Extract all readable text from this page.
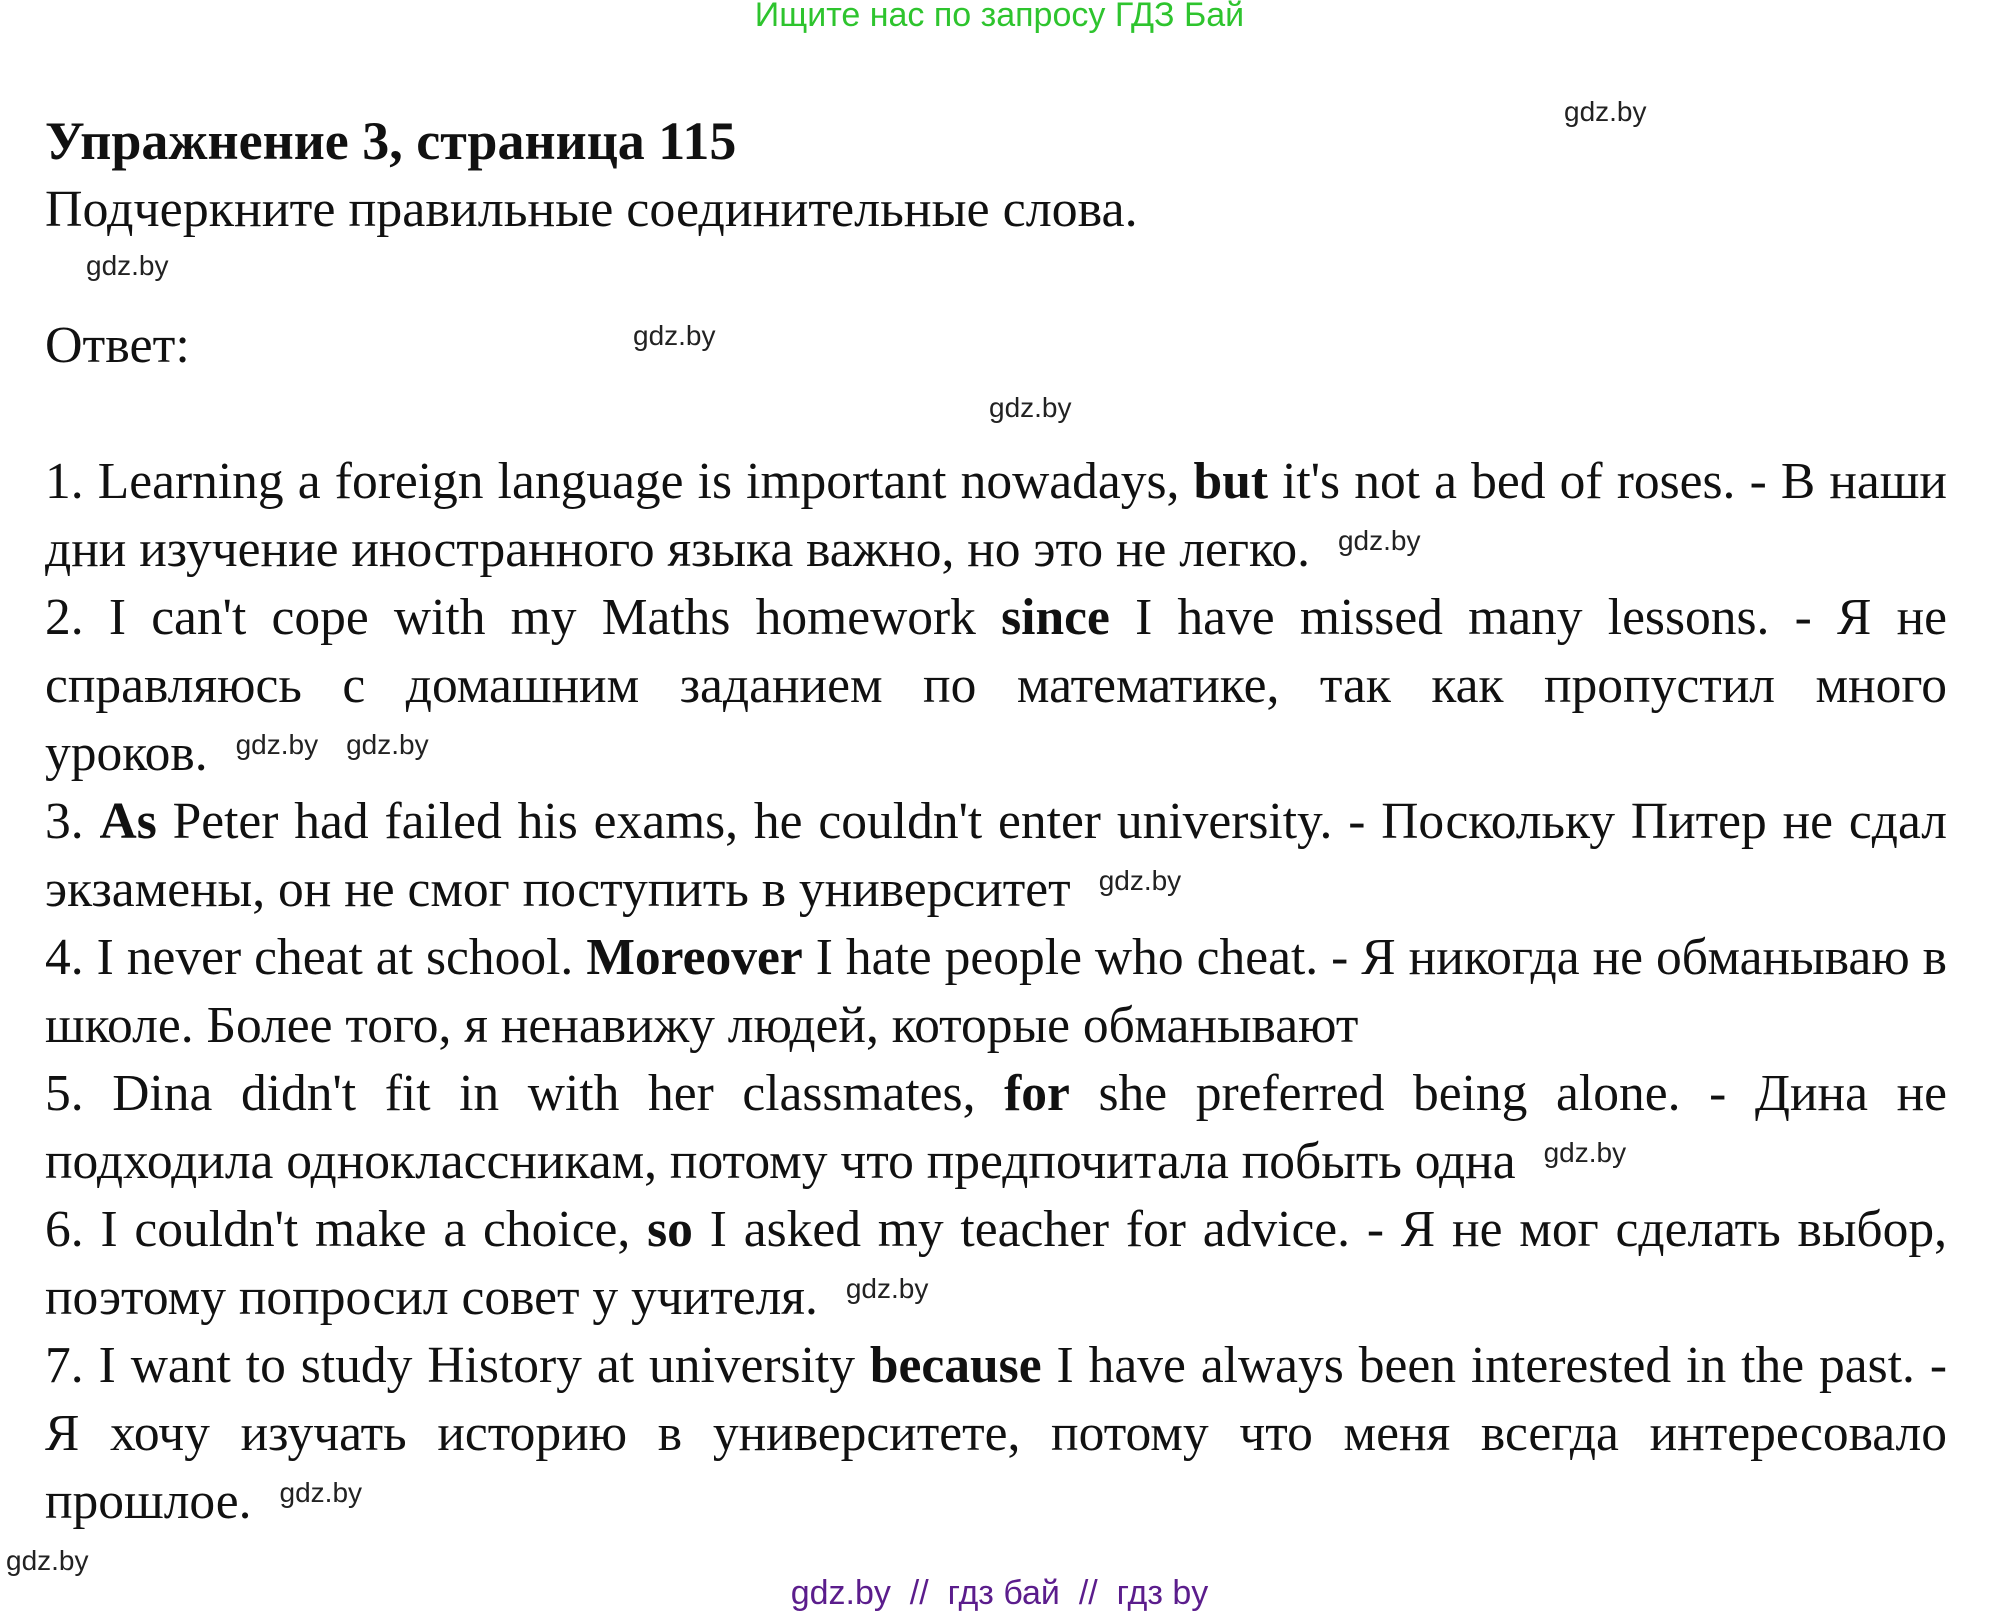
Ищите нас по запросу ГДЗ Бай
Упражнение 3, страница 115
Подчеркните правильные соединительные слова.
Ответ:

1. Learning a foreign language is important nowadays, but it's not a bed of roses. - В наши дни изучение иностранного языка важно, но это не легко. $^{gdz.by}$

2. I can't cope with my Maths homework since I have missed many lessons. - Я не справляюсь с домашним заданием по математике, так как пропустил много уроков. $^{gdz.by}$ $^{gdz.by}$

3. As Peter had failed his exams, he couldn't enter university. - Поскольку Питер не сдал экзамены, он не смог поступить в университет $^{gdz.by}$

4. I never cheat at school. Moreover I hate people who cheat. - Я никогда не обманываю в школе. Более того, я ненавижу людей, которые обманывают

5. Dina didn't fit in with her classmates, for she preferred being alone. - Дина не подходила одноклассникам, потому что предпочитала побыть одна $^{gdz.by}$

6. I couldn't make a choice, so I asked my teacher for advice. - Я не мог сделать выбор, поэтому попросил совет у учителя. $^{gdz.by}$

7. I want to study History at university because I have always been interested in the past. - Я хочу изучать историю в университете, потому что меня всегда интересовало прошлое. $^{gdz.by}$

gdz.by
gdz.by
gdz.by
gdz.by
gdz.by
gdz.by  //  гдз бай  //  гдз by
